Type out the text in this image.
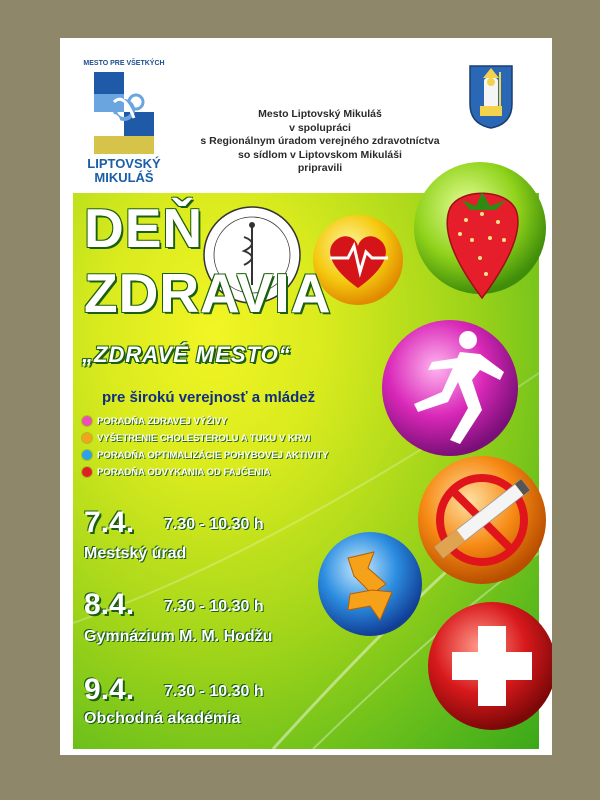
MESTO PRE VŠETKÝCH
LIPTOVSKÝ
MIKULÁŠ
Mesto Liptovský Mikuláš
v spolupráci
s Regionálnym úradom verejného zdravotníctva
so sídlom v Liptovskom Mikuláši
pripravili
DEŇ
ZDRAVIA
„ZDRAVÉ MESTO“
pre širokú verejnosť a mládež
PORADŇA ZDRAVEJ VÝŽIVY
VYŠETRENIE CHOLESTEROLU A TUKU V KRVI
PORADŇA OPTIMALIZÁCIE POHYBOVEJ AKTIVITY
PORADŇA ODVYKANIA OD FAJČENIA
7.4. 7.30 - 10.30 h
Mestský úrad
8.4. 7.30 - 10.30 h
Gymnázium M. M. Hodžu
9.4. 7.30 - 10.30 h
Obchodná akadémia
